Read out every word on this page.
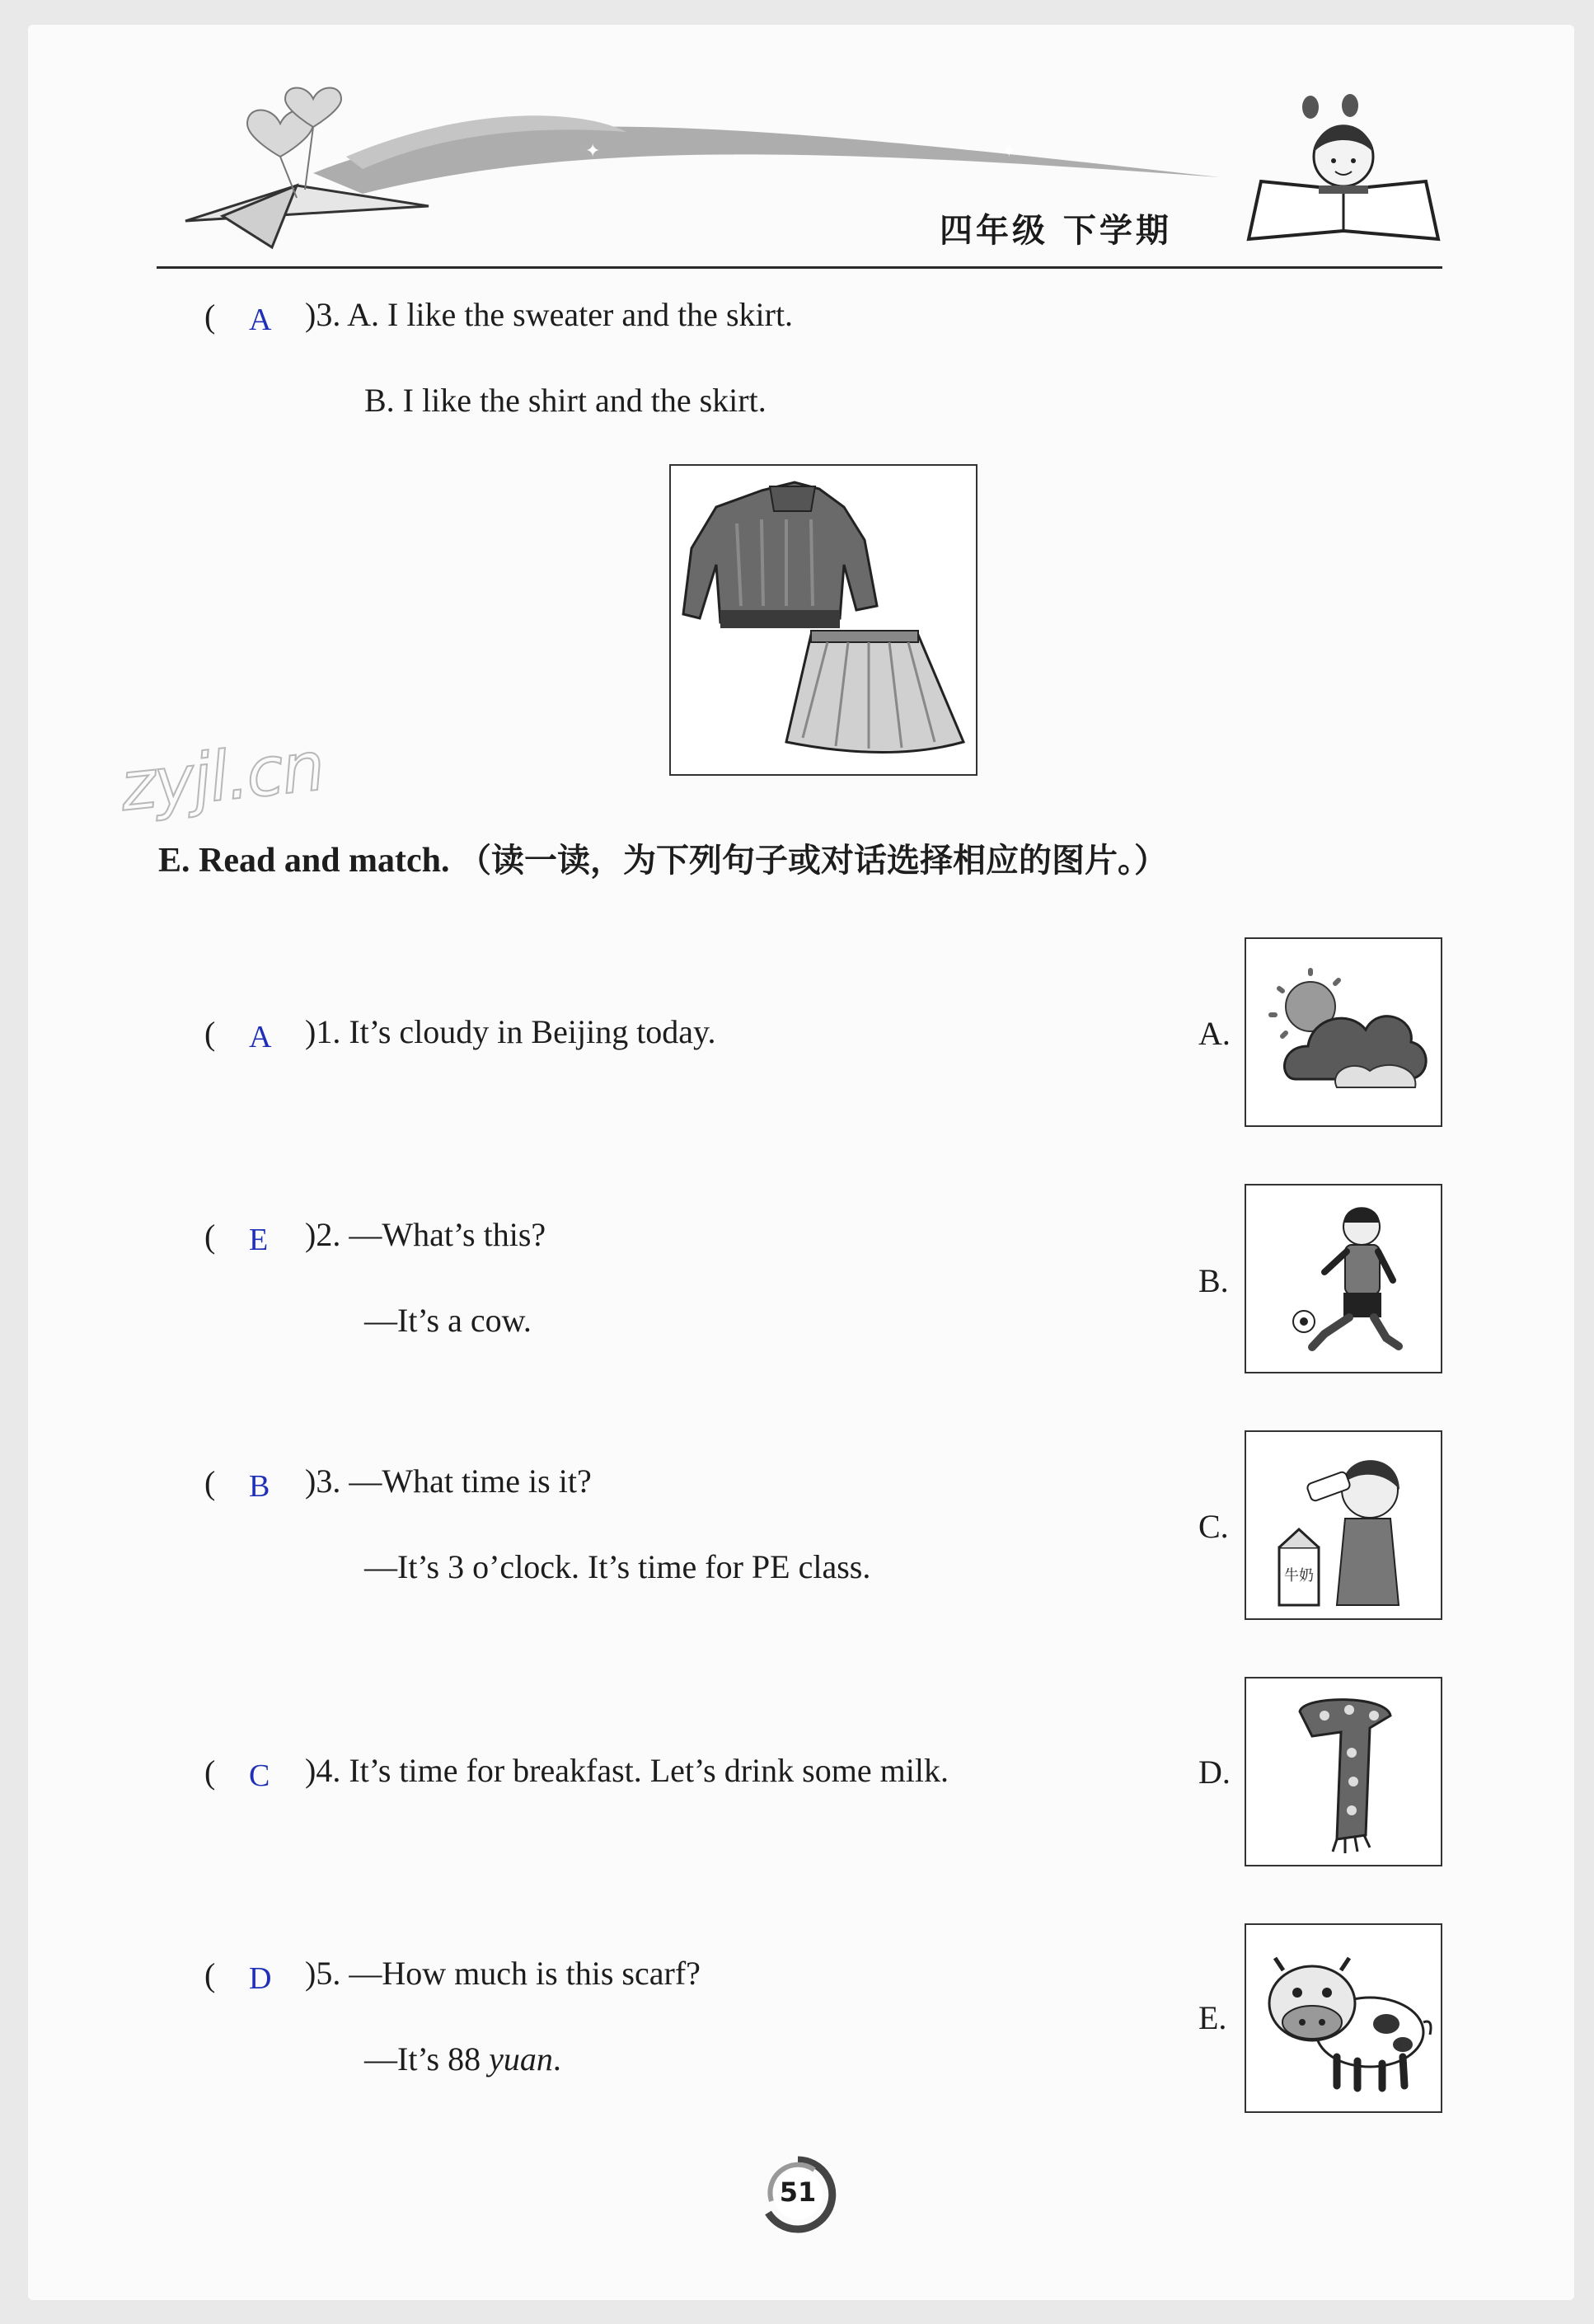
✦	✦
四年级 下学期
( A )3. A. I like the sweater and the skirt.
B. I like the shirt and the skirt.
zyjl.cn
E. Read and match. （读一读，为下列句子或对话选择相应的图片。）
( A )1. It’s cloudy in Beijing today.
( E )2. —What’s this?
—It’s a cow.
( B )3. —What time is it?
—It’s 3 o’clock. It’s time for PE class.
( C )4. It’s time for breakfast. Let’s drink some milk.
( D )5. —How much is this scarf?
—It’s 88 yuan.
A.
B.
C.
D.
E.
牛奶
51
